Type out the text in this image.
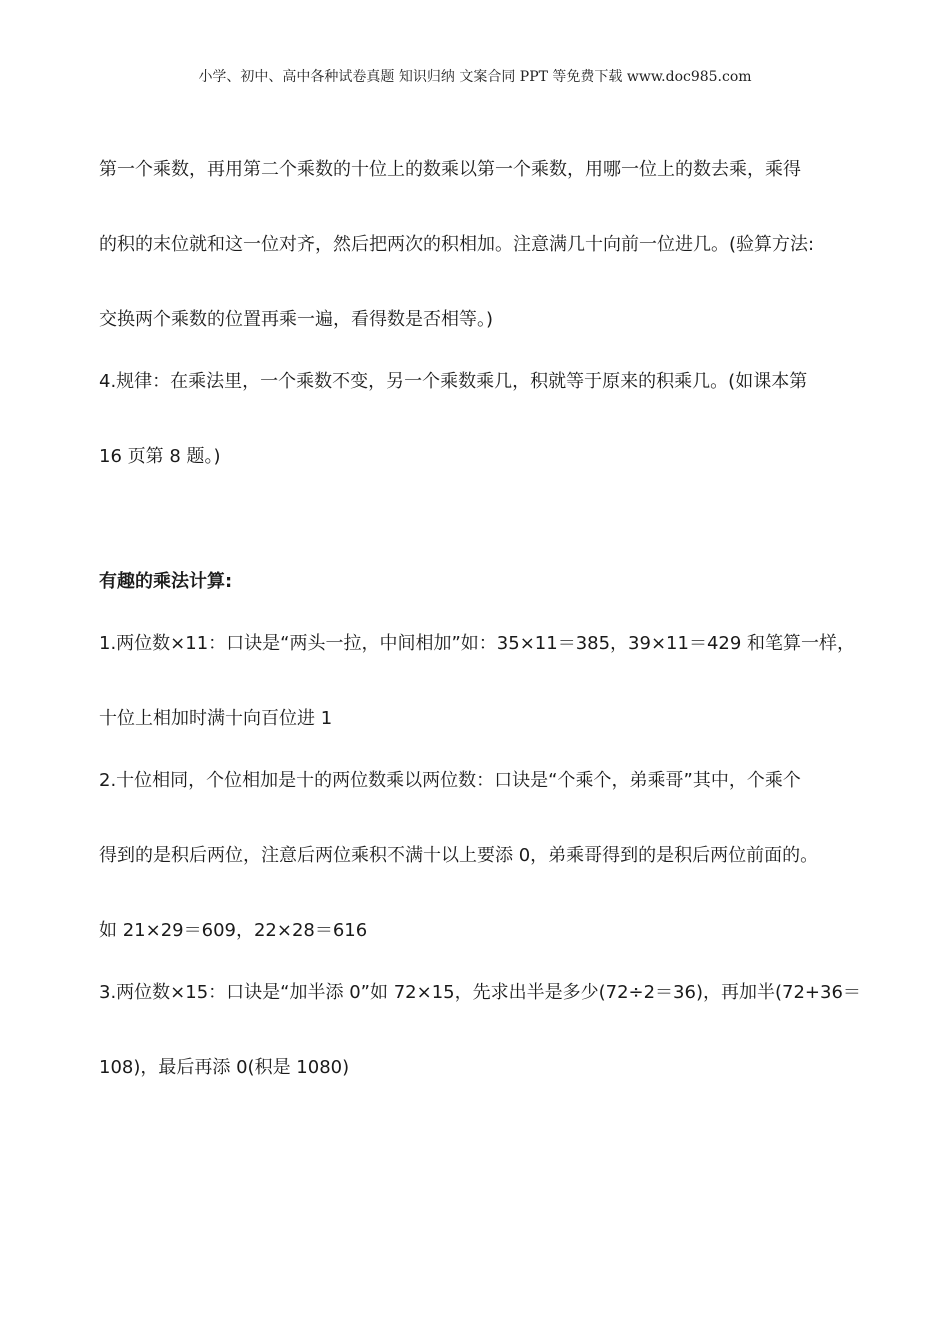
小学、初中、高中各种试卷真题 知识归纳 文案合同 PPT 等免费下载 www.doc985.com
第一个乘数，再用第二个乘数的十位上的数乘以第一个乘数，用哪一位上的数去乘，乘得
的积的末位就和这一位对齐，然后把两次的积相加。注意满几十向前一位进几。(验算方法:
交换两个乘数的位置再乘一遍，看得数是否相等。)
4.规律：在乘法里，一个乘数不变，另一个乘数乘几，积就等于原来的积乘几。(如课本第
16 页第 8 题。)
有趣的乘法计算:
1.两位数×11：口诀是“两头一拉，中间相加”如：35×11＝385，39×11＝429 和笔算一样，
十位上相加时满十向百位进 1
2.十位相同，个位相加是十的两位数乘以两位数：口诀是“个乘个，弟乘哥”其中，个乘个
得到的是积后两位，注意后两位乘积不满十以上要添 0，弟乘哥得到的是积后两位前面的。
如 21×29＝609，22×28＝616
3.两位数×15：口诀是“加半添 0”如 72×15，先求出半是多少(72÷2＝36)，再加半(72+36＝
108)，最后再添 0(积是 1080)
